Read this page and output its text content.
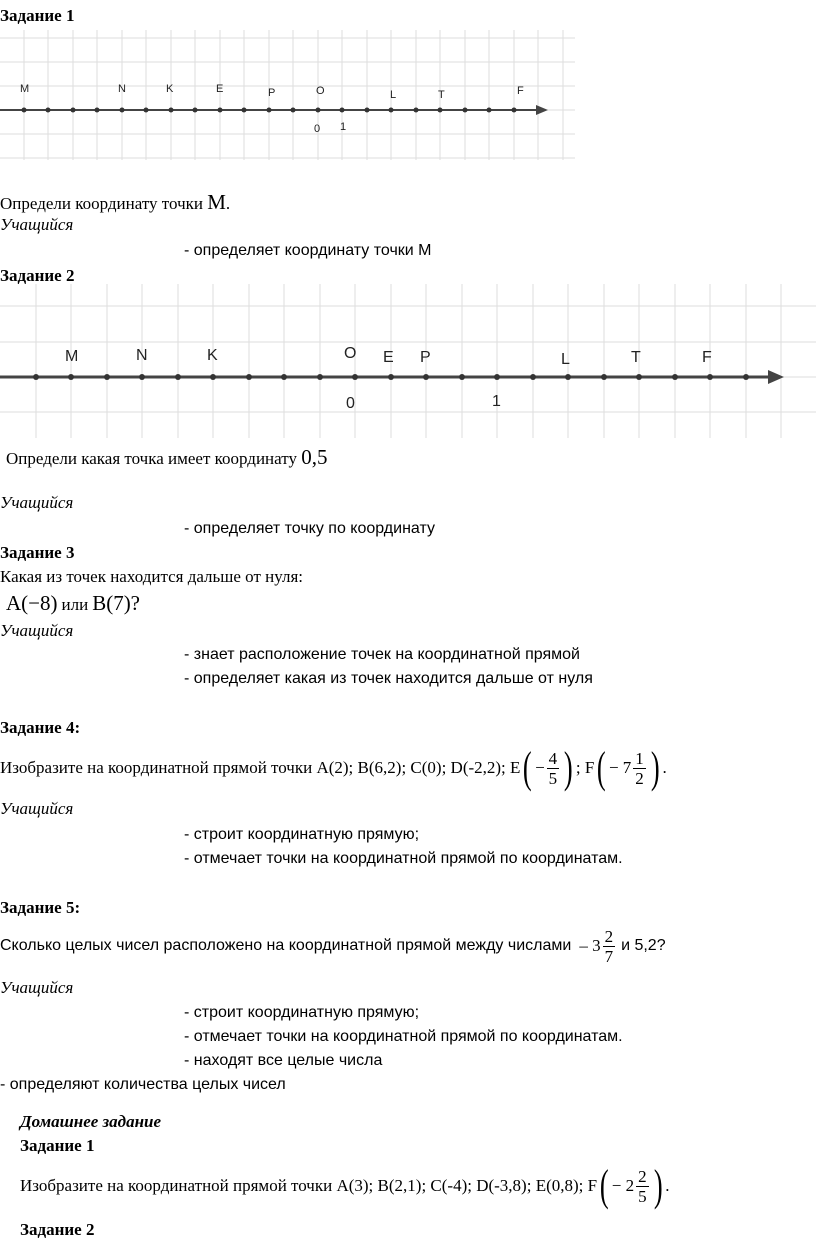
Задание 1
M	N	K	E	P	O	L	T	F
0 1
Определи координату точки M.
Учащийся
- определяет координату точки М
Задание 2
M	N	K	O E P	L	T	F
0	1
Определи какая точка имеет координату 0,5
Учащийся
- определяет точку по координату
Задание 3
Какая из точек находится дальше от нуля:
A(−8) или B(7)?
Учащийся
- знает расположение точек на координатной прямой
- определяет какая из точек находится дальше от нуля
Задание 4:
Изобразите на координатной прямой точки A(2); B(6,2); C(0); D(-2,2); E ( − $\frac{4}{5}$ ) ;
F ( − $7 \frac{1}{2}$ ) .
Учащийся
- строит координатную прямую;
- отмечает точки на координатной прямой по координатам.
Задание 5:
Сколько целых чисел расположено на координатной прямой между числами
– $3 \frac{2}{7}$
и 5,2?
Учащийся
- строит координатную прямую;
- отмечает точки на координатной прямой по координатам.
- находят все целые числа
- определяют количества целых чисел
Домашнее задание
Задание 1
Изобразите на координатной прямой точки A(3); B(2,1); C(-4); D(-3,8); E(0,8); F ( − $2 \frac{2}{5}$ ) .
Задание 2
